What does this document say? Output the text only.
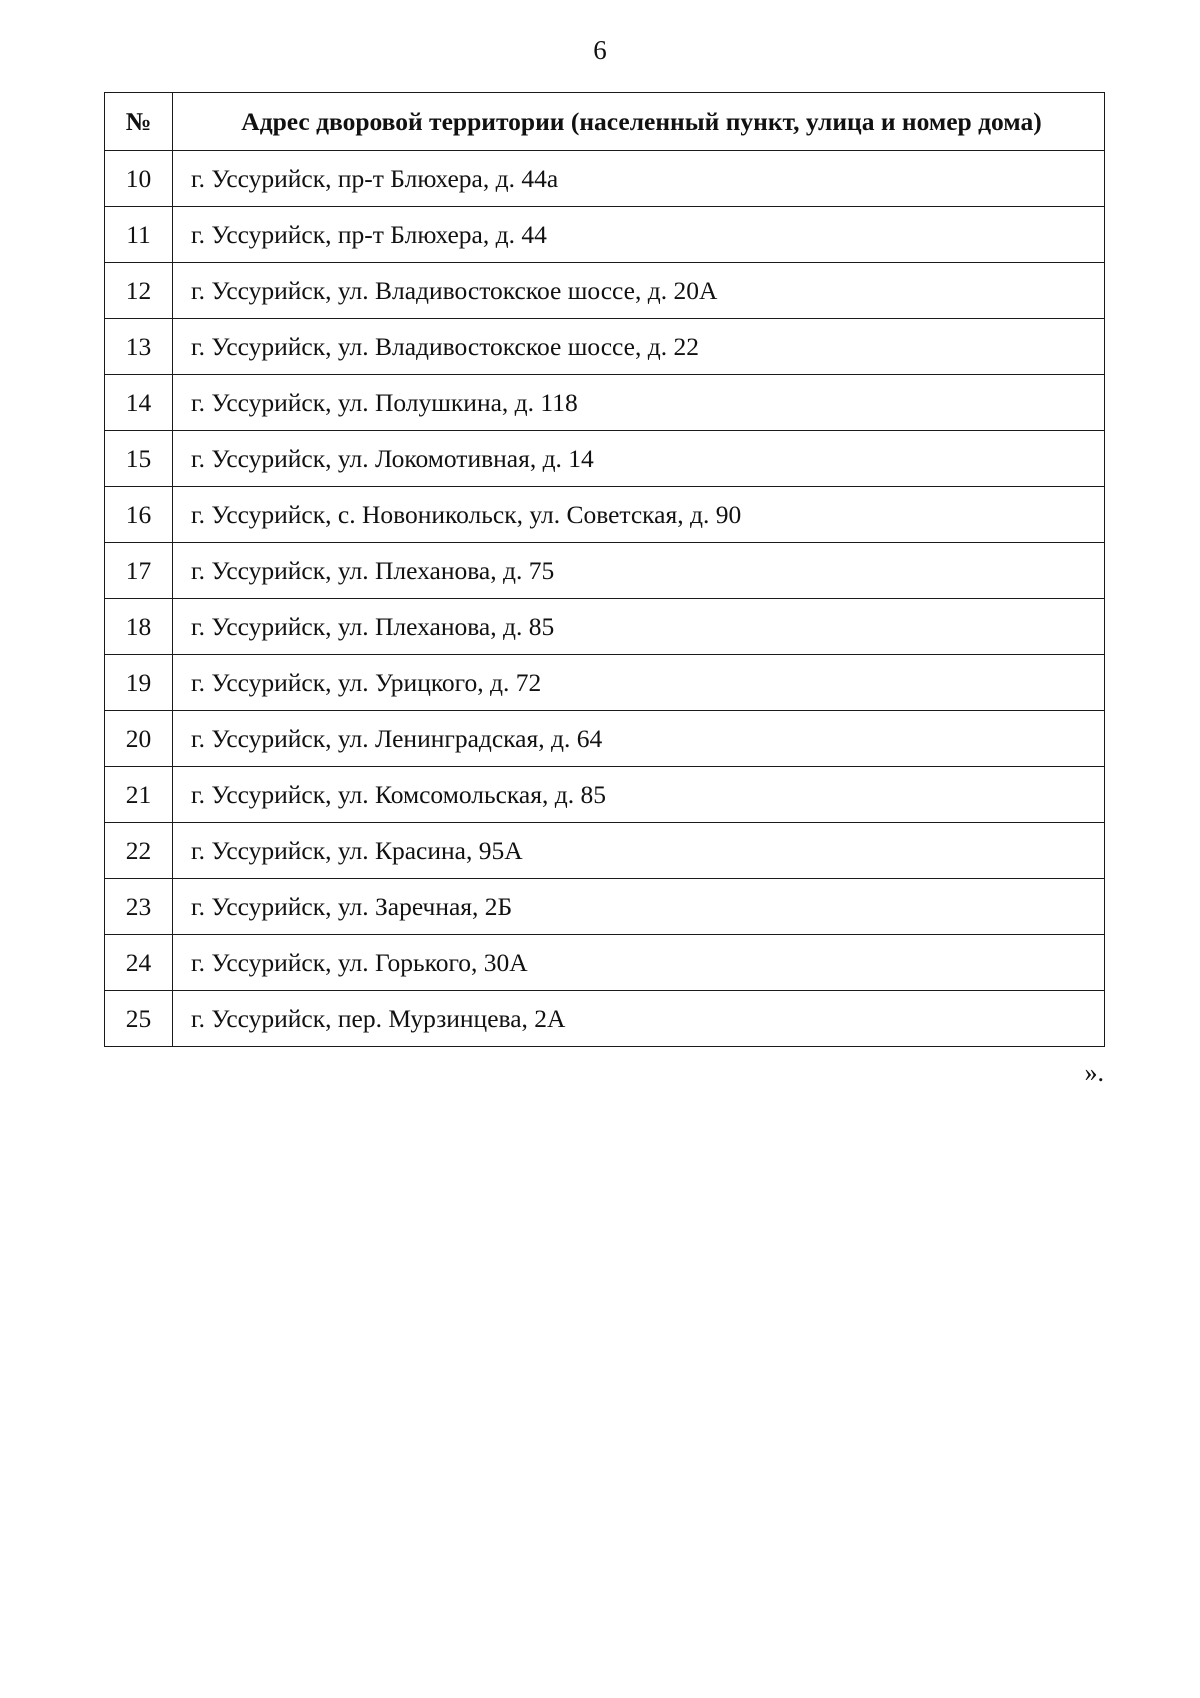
6
№	Адрес дворовой территории (населенный пункт, улица и номер дома)
10	г. Уссурийск, пр-т Блюхера, д. 44а
11	г. Уссурийск, пр-т Блюхера, д. 44
12	г. Уссурийск, ул. Владивостокское шоссе, д. 20А
13	г. Уссурийск, ул. Владивостокское шоссе, д. 22
14	г. Уссурийск, ул. Полушкина, д. 118
15	г. Уссурийск, ул. Локомотивная, д. 14
16	г. Уссурийск, с. Новоникольск, ул. Советская, д. 90
17	г. Уссурийск, ул. Плеханова, д. 75
18	г. Уссурийск, ул. Плеханова, д. 85
19	г. Уссурийск, ул. Урицкого, д. 72
20	г. Уссурийск, ул. Ленинградская, д. 64
21	г. Уссурийск, ул. Комсомольская, д. 85
22	г. Уссурийск, ул. Красина, 95А
23	г. Уссурийск, ул. Заречная, 2Б
24	г. Уссурийск, ул. Горького, 30А
25	г. Уссурийск, пер. Мурзинцева, 2А
».
